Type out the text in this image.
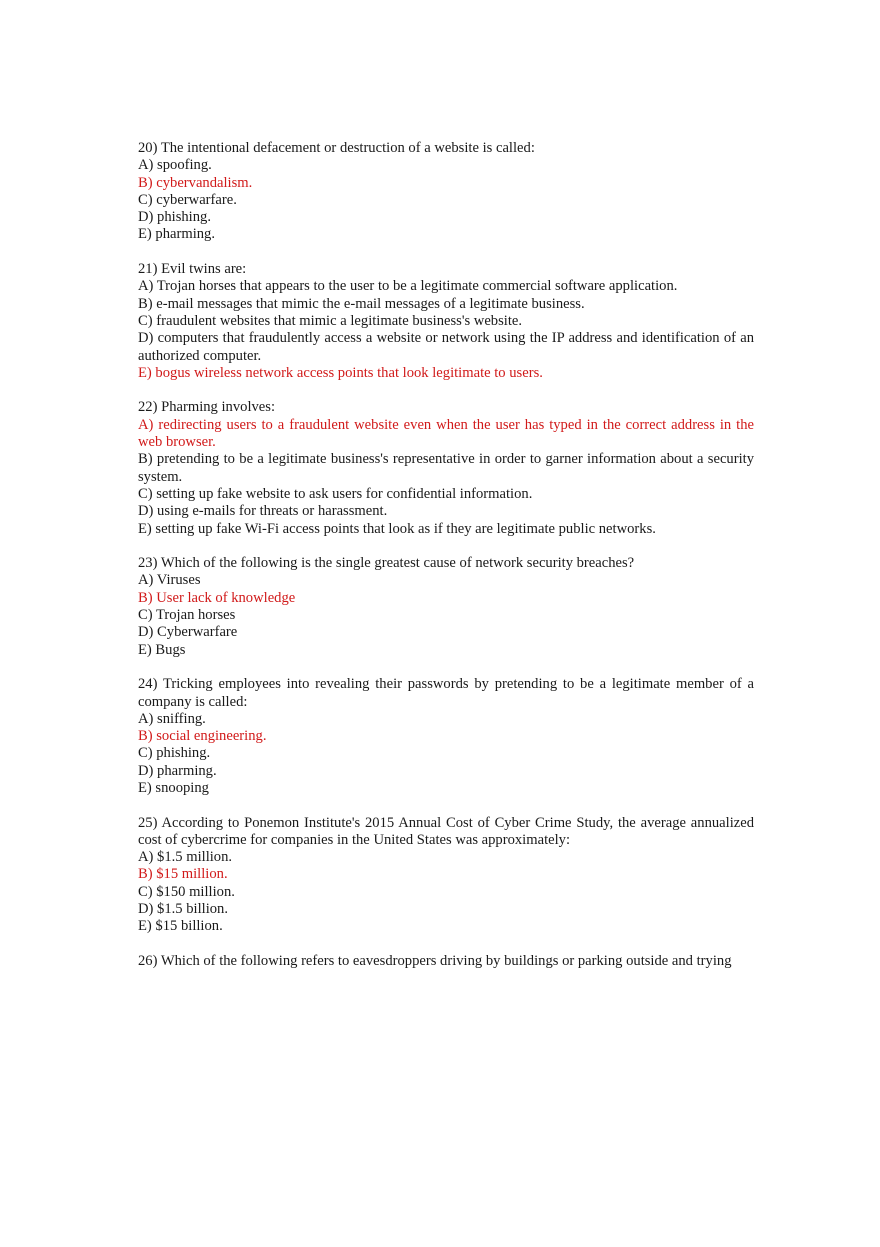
20) The intentional defacement or destruction of a website is called:
A) spoofing.
B) cybervandalism.
C) cyberwarfare.
D) phishing.
E) pharming.
21) Evil twins are:
A) Trojan horses that appears to the user to be a legitimate commercial software application.
B) e-mail messages that mimic the e-mail messages of a legitimate business.
C) fraudulent websites that mimic a legitimate business's website.
D) computers that fraudulently access a website or network using the IP address and identification of an authorized computer.
E) bogus wireless network access points that look legitimate to users.
22) Pharming involves:
A) redirecting users to a fraudulent website even when the user has typed in the correct address in the web browser.
B) pretending to be a legitimate business's representative in order to garner information about a security system.
C) setting up fake website to ask users for confidential information.
D) using e-mails for threats or harassment.
E) setting up fake Wi-Fi access points that look as if they are legitimate public networks.
23) Which of the following is the single greatest cause of network security breaches?
A) Viruses
B) User lack of knowledge
C) Trojan horses
D) Cyberwarfare
E) Bugs
24) Tricking employees into revealing their passwords by pretending to be a legitimate member of a company is called:
A) sniffing.
B) social engineering.
C) phishing.
D) pharming.
E) snooping
25) According to Ponemon Institute's 2015 Annual Cost of Cyber Crime Study, the average annualized cost of cybercrime for companies in the United States was approximately:
A) $1.5 million.
B) $15 million.
C) $150 million.
D) $1.5 billion.
E) $15 billion.
26) Which of the following refers to eavesdroppers driving by buildings or parking outside and trying
